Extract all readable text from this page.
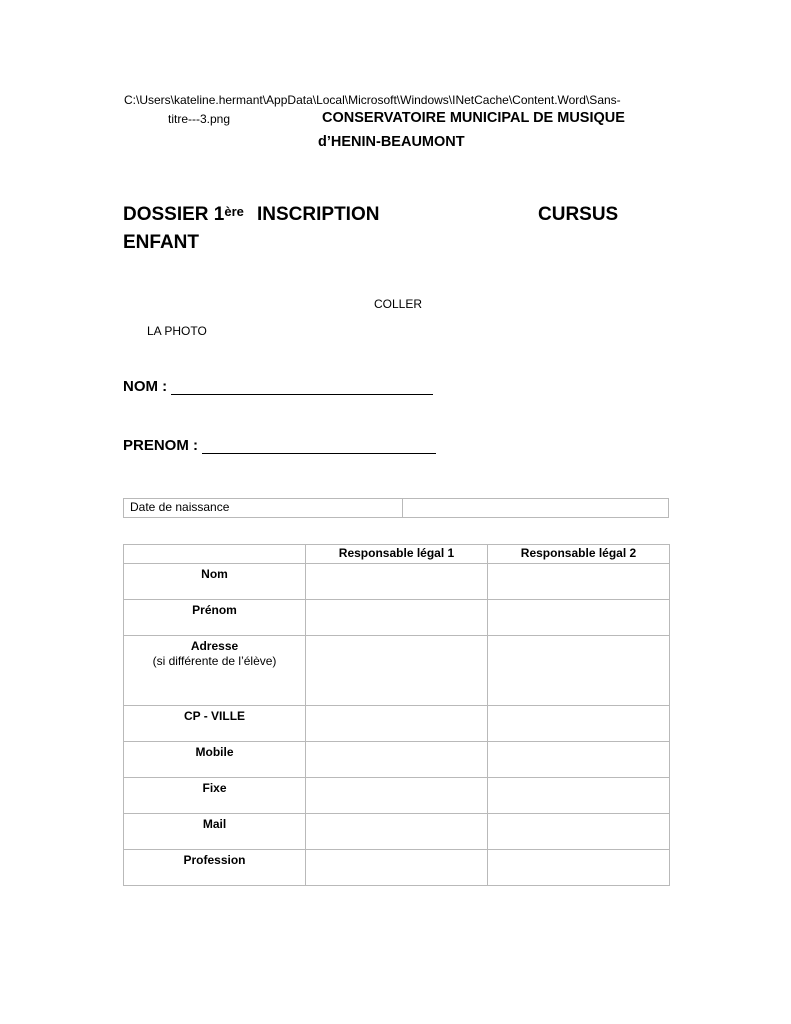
C:\Users\kateline.hermant\AppData\Local\Microsoft\Windows\INetCache\Content.Word\Sans-
titre---3.png	CONSERVATOIRE MUNICIPAL DE MUSIQUE
d’HENIN-BEAUMONT
DOSSIER 1ère INSCRIPTION	CURSUS
ENFANT
COLLER
LA PHOTO
NOM :
PRENOM :
Date de naissance	
	Responsable légal 1	Responsable légal 2
Nom		
Prénom		
Adresse
(si différente de l’élève)		

CP - VILLE		
Mobile		
Fixe		
Mail		
Profession		
